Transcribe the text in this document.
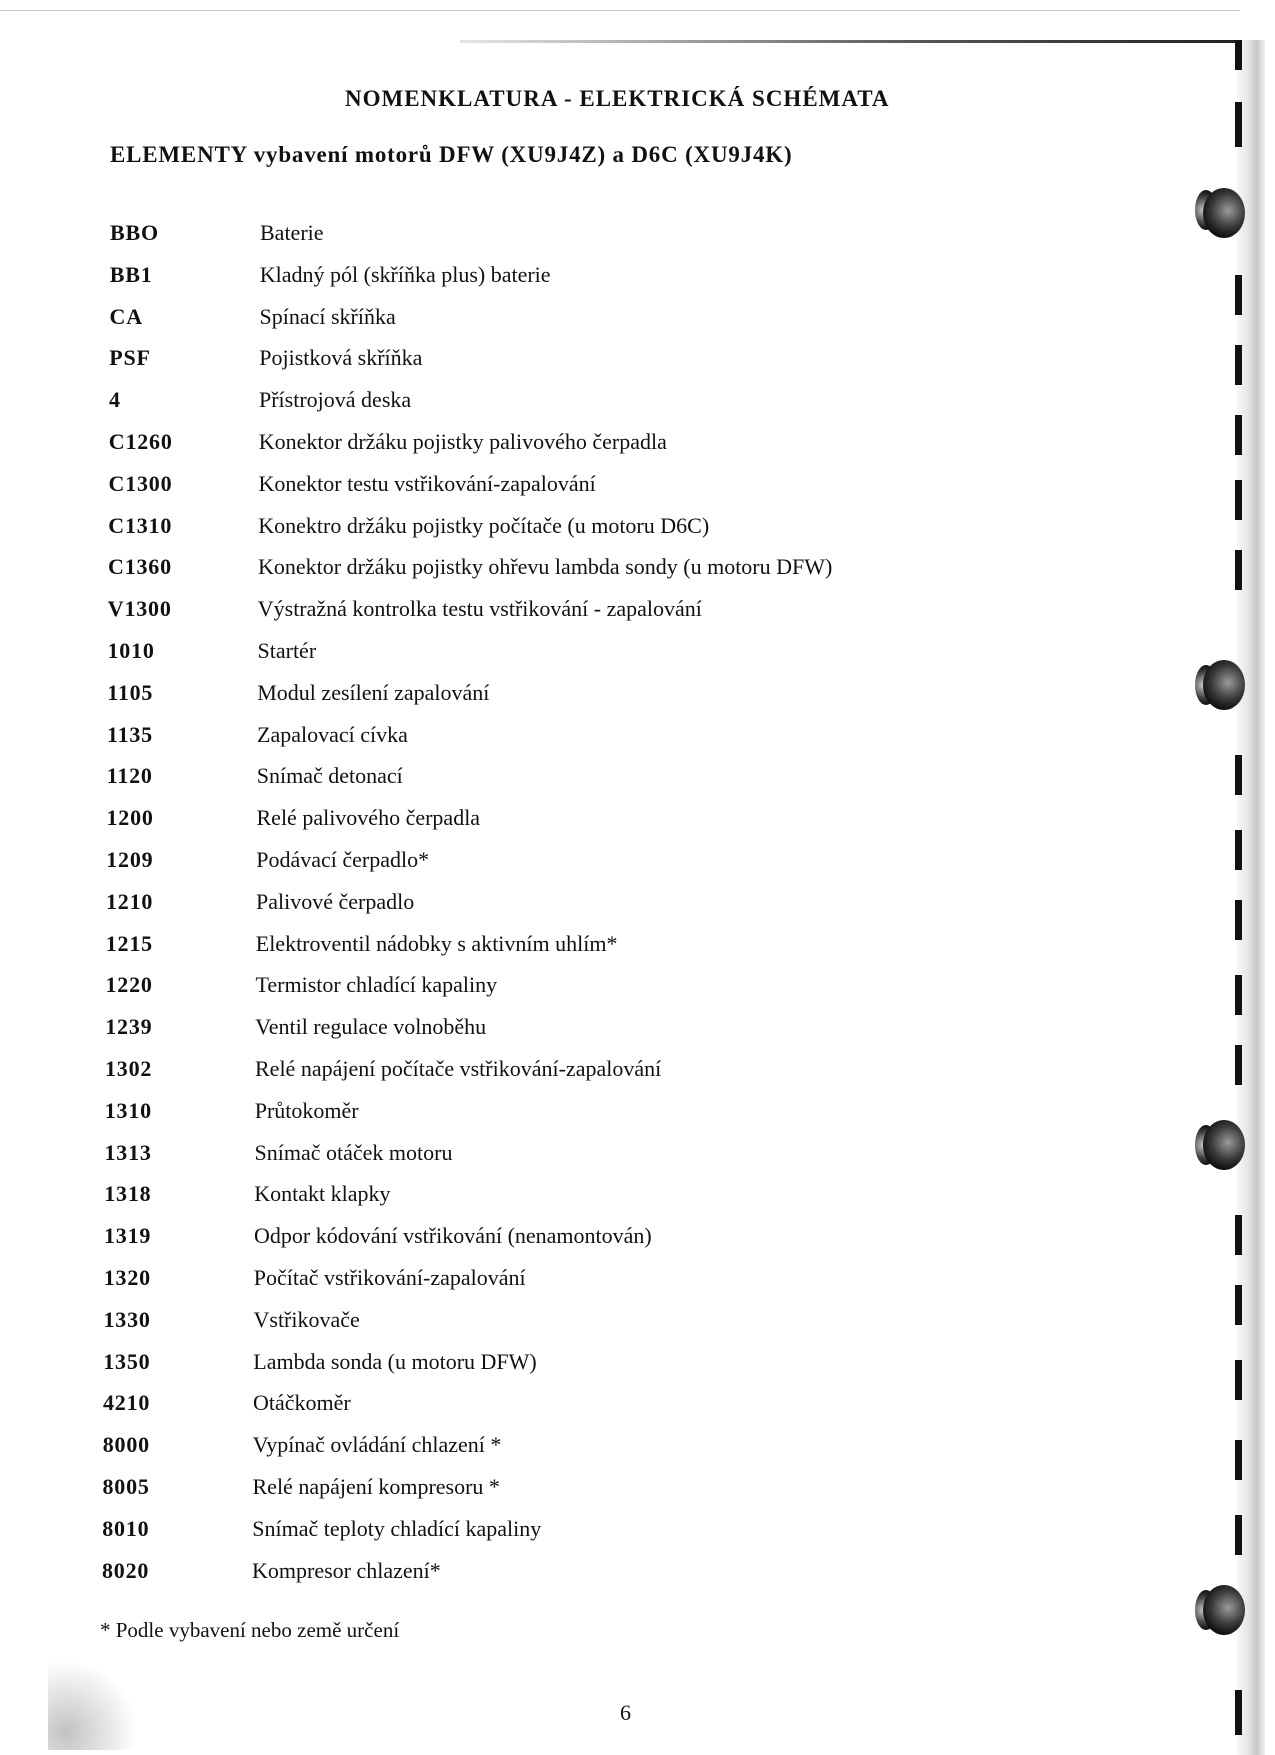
NOMENKLATURA - ELEKTRICKÁ SCHÉMATA
ELEMENTY vybavení motorů DFW (XU9J4Z) a D6C (XU9J4K)
BBO	Baterie
BB1	Kladný pól (skříňka plus) baterie
CA	Spínací skříňka
PSF	Pojistková skříňka
4	Přístrojová deska
C1260	Konektor držáku pojistky palivového čerpadla
C1300	Konektor testu vstřikování-zapalování
C1310	Konektro držáku pojistky počítače (u motoru D6C)
C1360	Konektor držáku pojistky ohřevu lambda sondy (u motoru DFW)
V1300	Výstražná kontrolka testu vstřikování - zapalování
1010	Startér
1105	Modul zesílení zapalování
1135	Zapalovací cívka
1120	Snímač detonací
1200	Relé palivového čerpadla
1209	Podávací čerpadlo*
1210	Palivové čerpadlo
1215	Elektroventil nádobky s aktivním uhlím*
1220	Termistor chladící kapaliny
1239	Ventil regulace volnoběhu
1302	Relé napájení počítače vstřikování-zapalování
1310	Průtokoměr
1313	Snímač otáček motoru
1318	Kontakt klapky
1319	Odpor kódování vstřikování (nenamontován)
1320	Počítač vstřikování-zapalování
1330	Vstřikovače
1350	Lambda sonda (u motoru DFW)
4210	Otáčkoměr
8000	Vypínač ovládání chlazení *
8005	Relé napájení kompresoru *
8010	Snímač teploty chladící kapaliny
8020	Kompresor chlazení*
* Podle vybavení nebo země určení
6
